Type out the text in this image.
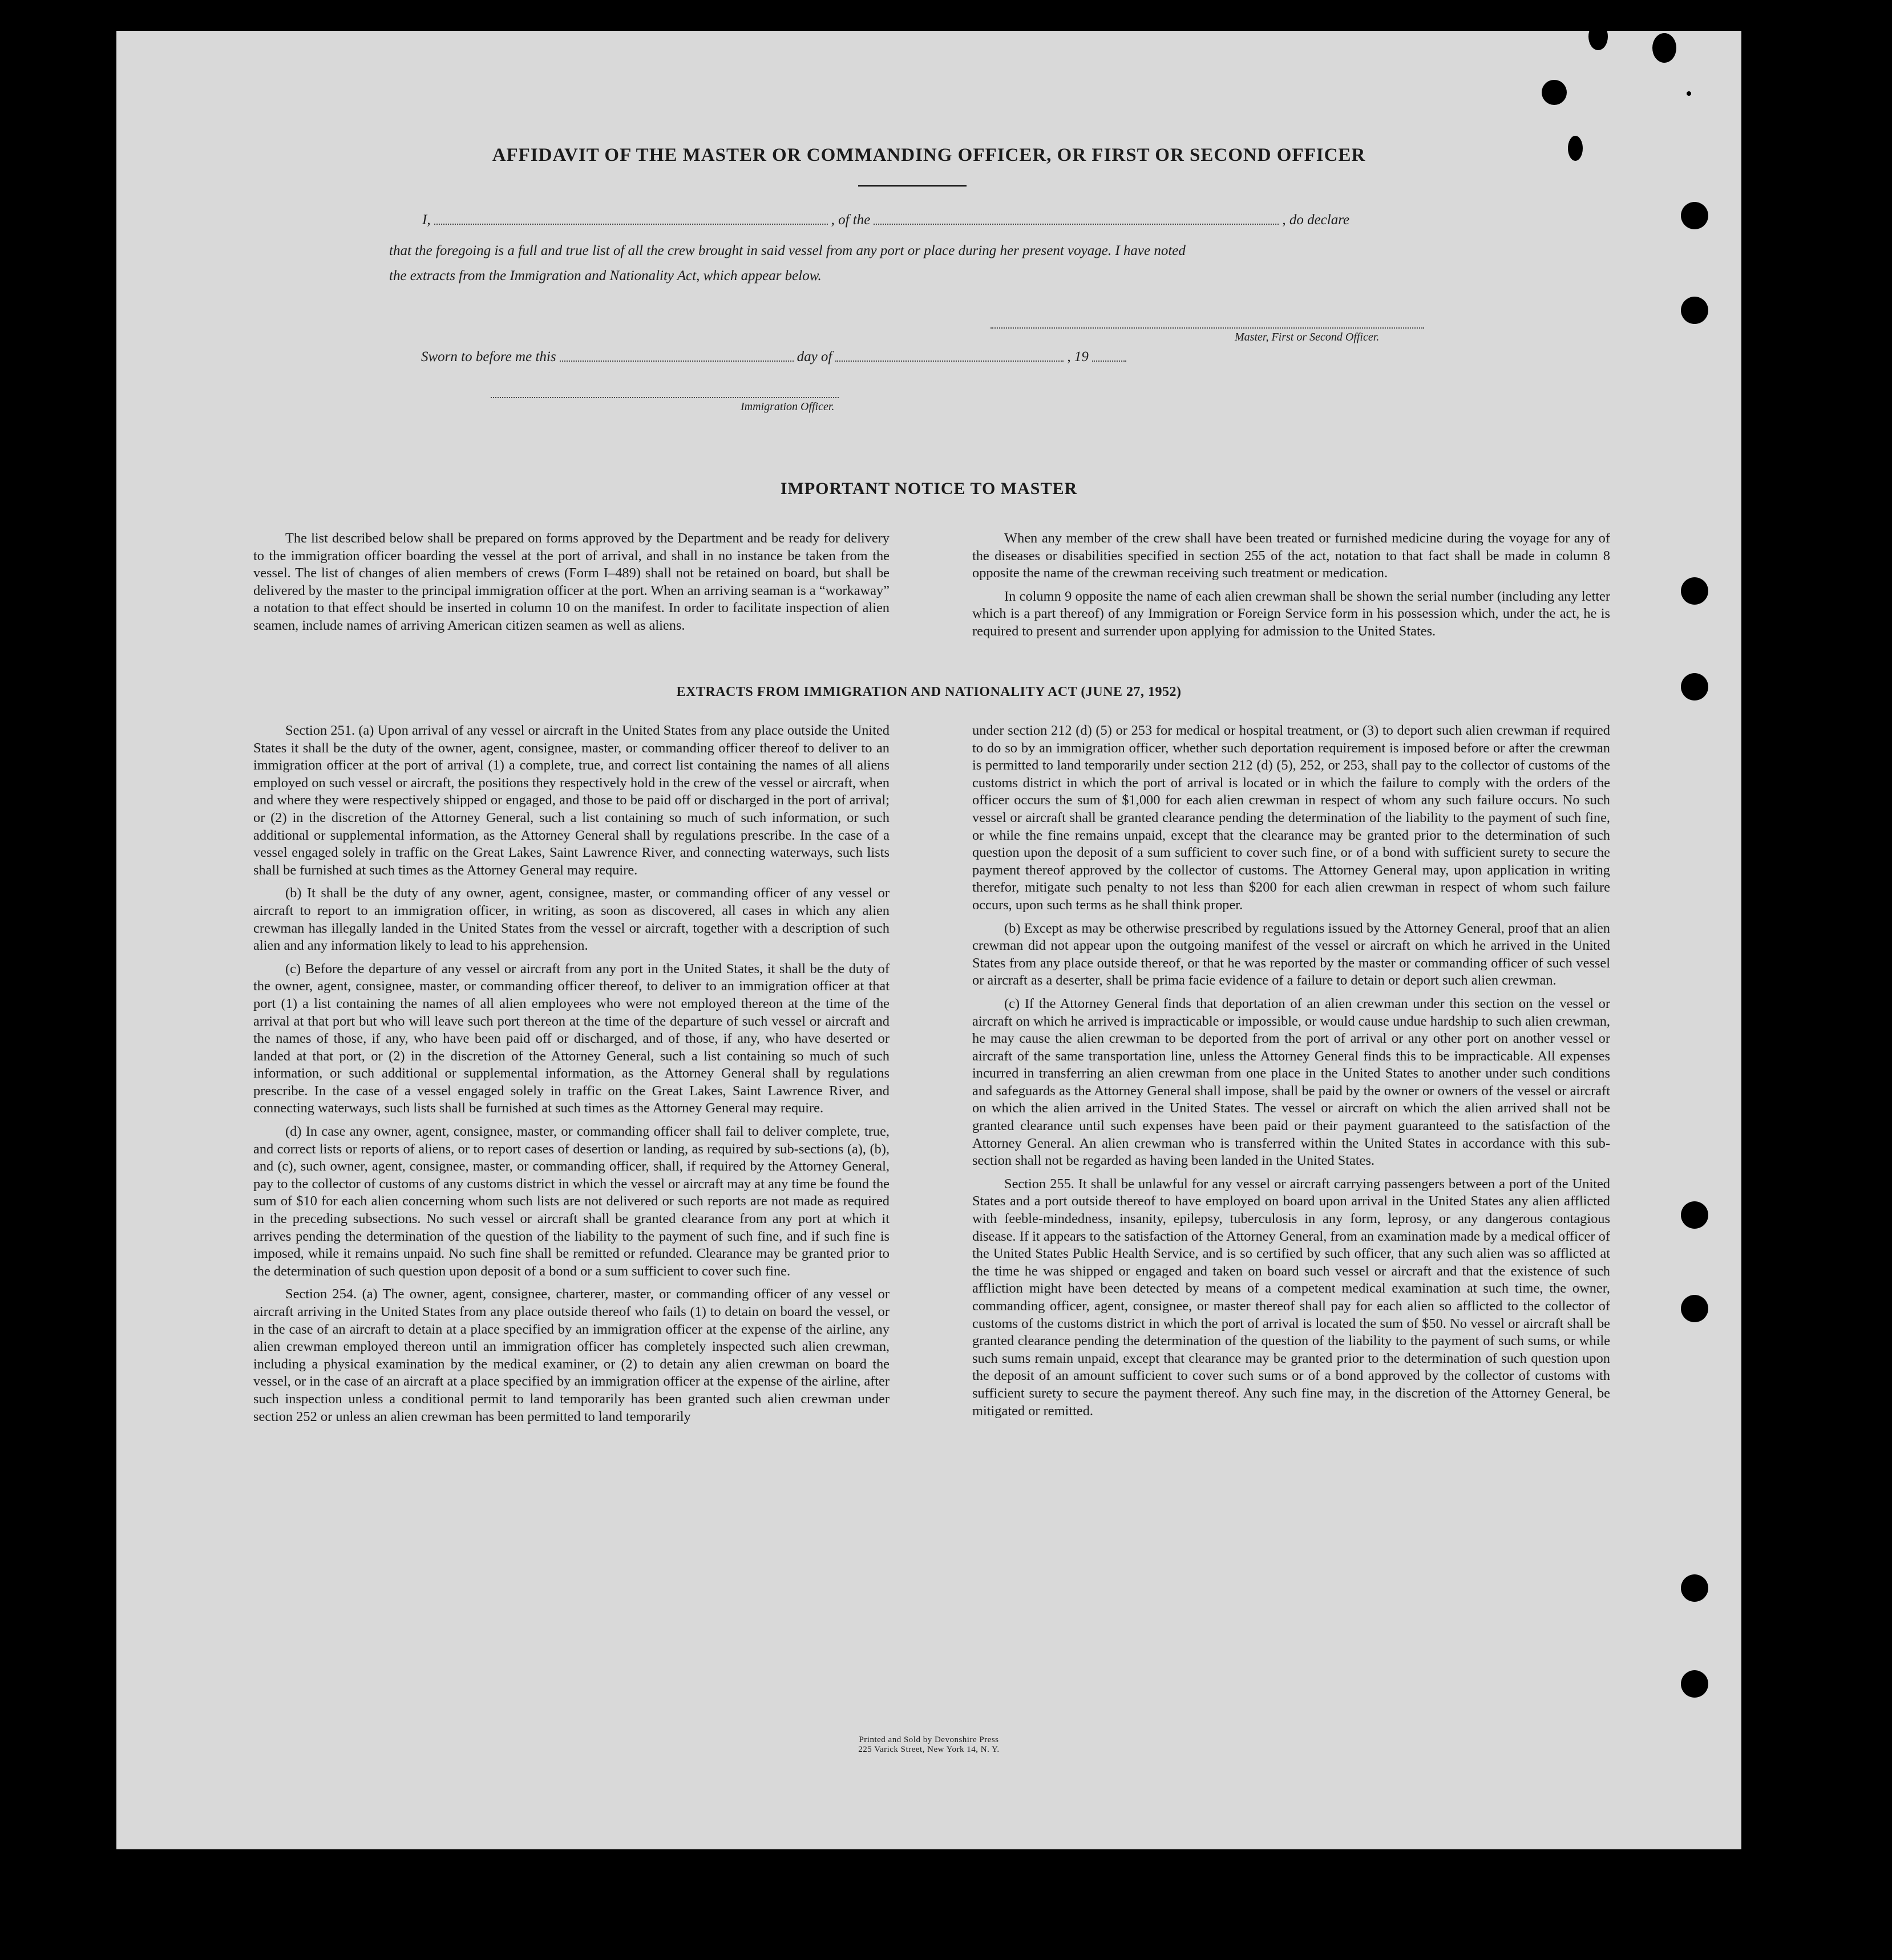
AFFIDAVIT OF THE MASTER OR COMMANDING OFFICER, OR FIRST OR SECOND OFFICER
I,	, of the	, do declare

that the foregoing is a full and true list of all the crew brought in said vessel from any port or place during her present voyage. I have noted

the extracts from the Immigration and Nationality Act, which appear below.

Master, First or Second Officer.

Sworn to before me this	day of	, 19

Immigration Officer.

IMPORTANT NOTICE TO MASTER

The list described below shall be prepared on forms approved by the Department and be ready for delivery to the immigration officer boarding the vessel at the port of arrival, and shall in no instance be taken from the vessel. The list of changes of alien members of crews (Form I–489) shall not be retained on board, but shall be delivered by the master to the principal immigration officer at the port. When an arriving seaman is a “workaway” a notation to that effect should be inserted in column 10 on the manifest. In order to facilitate inspection of alien seamen, include names of arriving American citizen seamen as well as aliens.

When any member of the crew shall have been treated or furnished medicine during the voyage for any of the diseases or disabilities specified in section 255 of the act, notation to that fact shall be made in column 8 opposite the name of the crewman receiving such treatment or medication.

In column 9 opposite the name of each alien crewman shall be shown the serial number (including any letter which is a part thereof) of any Immigration or Foreign Service form in his possession which, under the act, he is required to present and surrender upon applying for admission to the United States.

EXTRACTS FROM IMMIGRATION AND NATIONALITY ACT (JUNE 27, 1952)

Section 251. (a) Upon arrival of any vessel or aircraft in the United States from any place outside the United States it shall be the duty of the owner, agent, consignee, master, or commanding officer thereof to deliver to an immigration officer at the port of arrival (1) a complete, true, and correct list containing the names of all aliens employed on such vessel or aircraft, the positions they respectively hold in the crew of the vessel or aircraft, when and where they were respectively shipped or engaged, and those to be paid off or discharged in the port of arrival; or (2) in the discretion of the Attorney General, such a list containing so much of such information, or such additional or supplemental information, as the Attorney General shall by regulations prescribe. In the case of a vessel engaged solely in traffic on the Great Lakes, Saint Lawrence River, and connecting waterways, such lists shall be furnished at such times as the Attorney General may require.

(b) It shall be the duty of any owner, agent, consignee, master, or commanding officer of any vessel or aircraft to report to an immigration officer, in writing, as soon as discovered, all cases in which any alien crewman has illegally landed in the United States from the vessel or aircraft, together with a description of such alien and any information likely to lead to his apprehension.

(c) Before the departure of any vessel or aircraft from any port in the United States, it shall be the duty of the owner, agent, consignee, master, or commanding officer thereof, to deliver to an immigration officer at that port (1) a list containing the names of all alien employees who were not employed thereon at the time of the arrival at that port but who will leave such port thereon at the time of the departure of such vessel or aircraft and the names of those, if any, who have been paid off or discharged, and of those, if any, who have deserted or landed at that port, or (2) in the discretion of the Attorney General, such a list containing so much of such information, or such additional or supplemental information, as the Attorney General shall by regulations prescribe. In the case of a vessel engaged solely in traffic on the Great Lakes, Saint Lawrence River, and connecting waterways, such lists shall be furnished at such times as the Attorney General may require.

(d) In case any owner, agent, consignee, master, or commanding officer shall fail to deliver complete, true, and correct lists or reports of aliens, or to report cases of desertion or landing, as required by sub-sections (a), (b), and (c), such owner, agent, consignee, master, or commanding officer, shall, if required by the Attorney General, pay to the collector of customs of any customs district in which the vessel or aircraft may at any time be found the sum of $10 for each alien concerning whom such lists are not delivered or such reports are not made as required in the preceding subsections. No such vessel or aircraft shall be granted clearance from any port at which it arrives pending the determination of the question of the liability to the payment of such fine, and if such fine is imposed, while it remains unpaid. No such fine shall be remitted or refunded. Clearance may be granted prior to the determination of such question upon deposit of a bond or a sum sufficient to cover such fine.

Section 254. (a) The owner, agent, consignee, charterer, master, or commanding officer of any vessel or aircraft arriving in the United States from any place outside thereof who fails (1) to detain on board the vessel, or in the case of an aircraft to detain at a place specified by an immigration officer at the expense of the airline, any alien crewman employed thereon until an immigration officer has completely inspected such alien crewman, including a physical examination by the medical examiner, or (2) to detain any alien crewman on board the vessel, or in the case of an aircraft at a place specified by an immigration officer at the expense of the airline, after such inspection unless a conditional permit to land temporarily has been granted such alien crewman under section 252 or unless an alien crewman has been permitted to land temporarily

under section 212 (d) (5) or 253 for medical or hospital treatment, or (3) to deport such alien crewman if required to do so by an immigration officer, whether such deportation requirement is imposed before or after the crewman is permitted to land temporarily under section 212 (d) (5), 252, or 253, shall pay to the collector of customs of the customs district in which the port of arrival is located or in which the failure to comply with the orders of the officer occurs the sum of $1,000 for each alien crewman in respect of whom any such failure occurs. No such vessel or aircraft shall be granted clearance pending the determination of the liability to the payment of such fine, or while the fine remains unpaid, except that the clearance may be granted prior to the determination of such question upon the deposit of a sum sufficient to cover such fine, or of a bond with sufficient surety to secure the payment thereof approved by the collector of customs. The Attorney General may, upon application in writing therefor, mitigate such penalty to not less than $200 for each alien crewman in respect of whom such failure occurs, upon such terms as he shall think proper.

(b) Except as may be otherwise prescribed by regulations issued by the Attorney General, proof that an alien crewman did not appear upon the outgoing manifest of the vessel or aircraft on which he arrived in the United States from any place outside thereof, or that he was reported by the master or commanding officer of such vessel or aircraft as a deserter, shall be prima facie evidence of a failure to detain or deport such alien crewman.

(c) If the Attorney General finds that deportation of an alien crewman under this section on the vessel or aircraft on which he arrived is impracticable or impossible, or would cause undue hardship to such alien crewman, he may cause the alien crewman to be deported from the port of arrival or any other port on another vessel or aircraft of the same transportation line, unless the Attorney General finds this to be impracticable. All expenses incurred in transferring an alien crewman from one place in the United States to another under such conditions and safeguards as the Attorney General shall impose, shall be paid by the owner or owners of the vessel or aircraft on which the alien arrived in the United States. The vessel or aircraft on which the alien arrived shall not be granted clearance until such expenses have been paid or their payment guaranteed to the satisfaction of the Attorney General. An alien crewman who is transferred within the United States in accordance with this sub-section shall not be regarded as having been landed in the United States.

Section 255. It shall be unlawful for any vessel or aircraft carrying passengers between a port of the United States and a port outside thereof to have employed on board upon arrival in the United States any alien afflicted with feeble-mindedness, insanity, epilepsy, tuberculosis in any form, leprosy, or any dangerous contagious disease. If it appears to the satisfaction of the Attorney General, from an examination made by a medical officer of the United States Public Health Service, and is so certified by such officer, that any such alien was so afflicted at the time he was shipped or engaged and taken on board such vessel or aircraft and that the existence of such affliction might have been detected by means of a competent medical examination at such time, the owner, commanding officer, agent, consignee, or master thereof shall pay for each alien so afflicted to the collector of customs of the customs district in which the port of arrival is located the sum of $50. No vessel or aircraft shall be granted clearance pending the determination of the question of the liability to the payment of such sums, or while such sums remain unpaid, except that clearance may be granted prior to the determination of such question upon the deposit of an amount sufficient to cover such sums or of a bond approved by the collector of customs with sufficient surety to secure the payment thereof. Any such fine may, in the discretion of the Attorney General, be mitigated or remitted.

Printed and Sold by Devonshire Press
225 Varick Street, New York 14, N. Y.
